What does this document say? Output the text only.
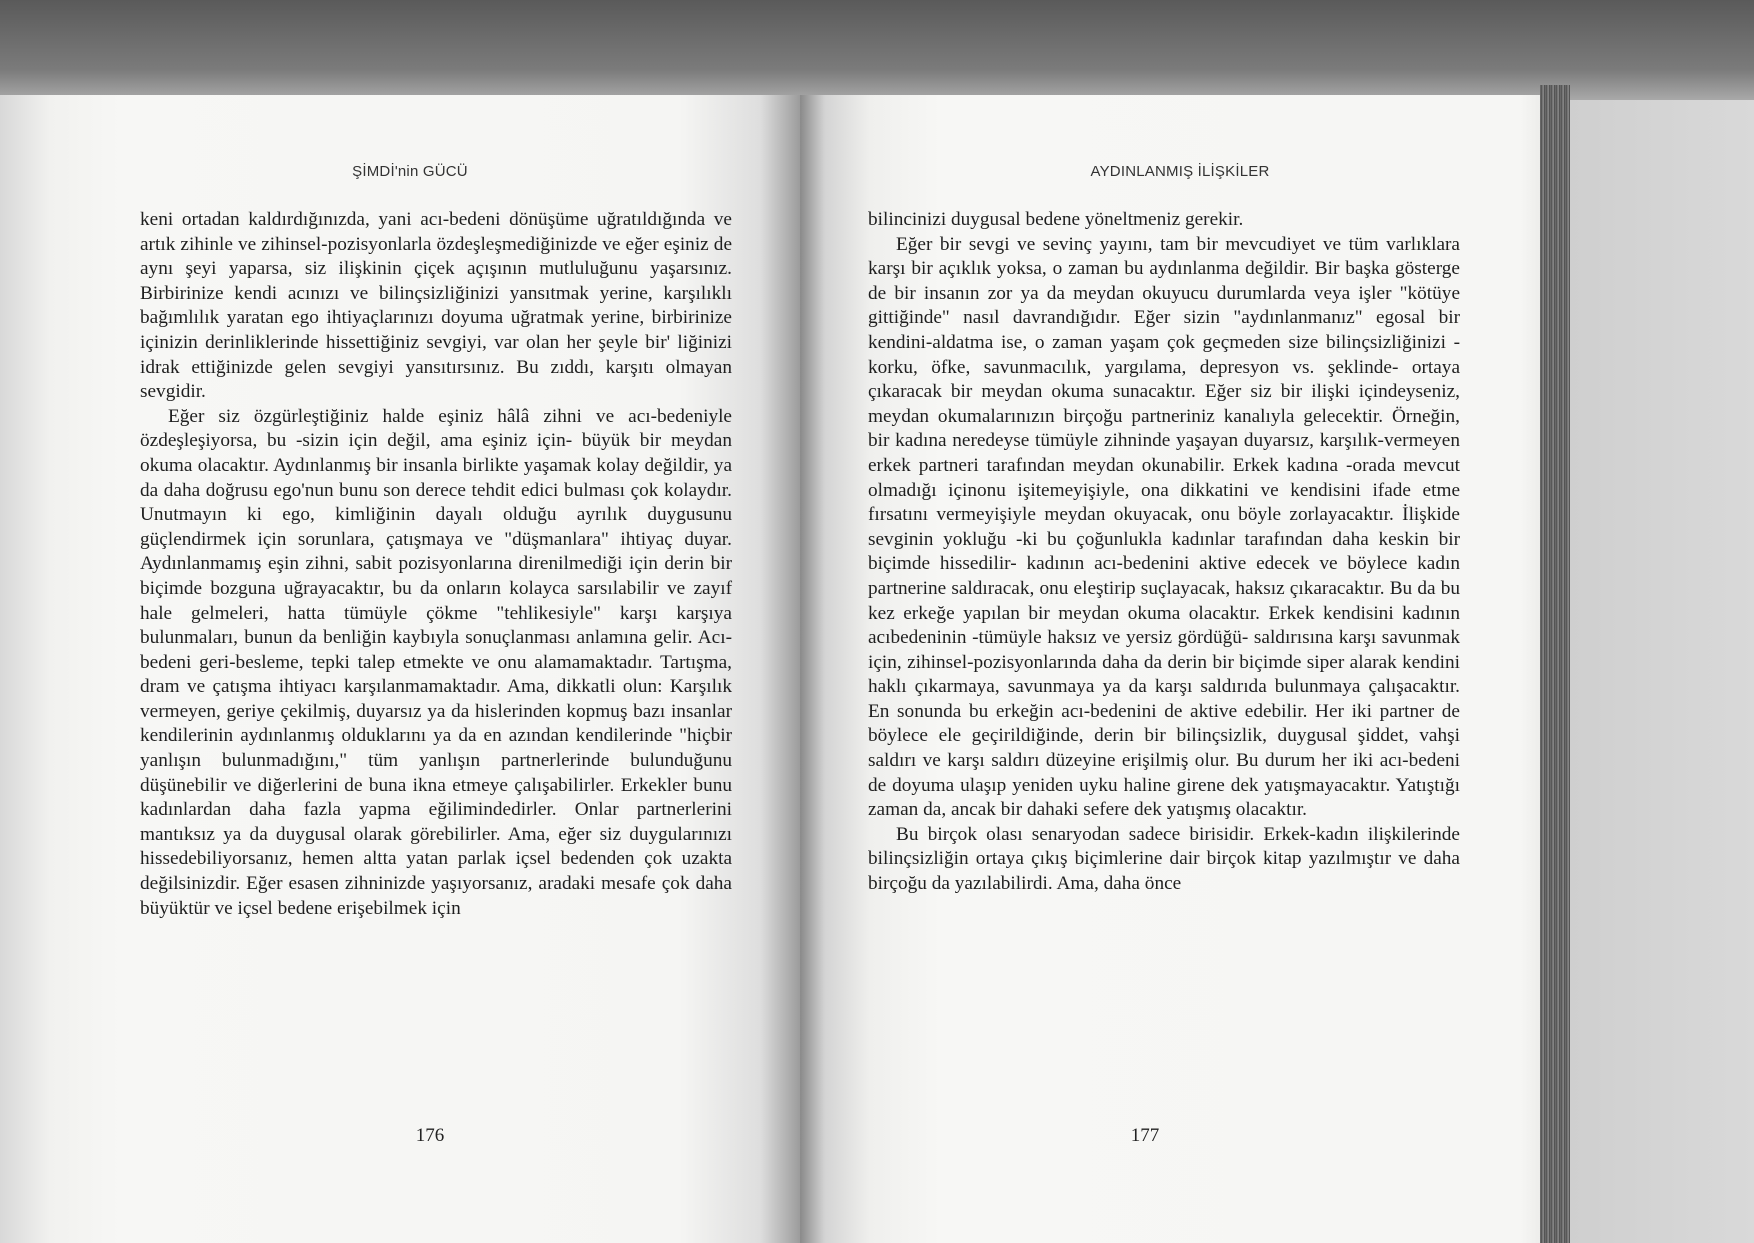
ŞİMDİ'nin GÜCÜ

keni ortadan kaldırdığınızda, yani acı-bedeni dönüşüme uğratıldığında ve artık zihinle ve zihinsel-pozisyonlarla özdeşleşmediğinizde ve eğer eşiniz de aynı şeyi yaparsa, siz ilişkinin çiçek açışının mutluluğunu yaşarsınız. Birbirinize kendi acınızı ve bilinçsizliğinizi yansıtmak yerine, karşılıklı bağımlılık yaratan ego ihtiyaçlarınızı doyuma uğratmak yerine, birbirinize içinizin derinliklerinde hissettiğiniz sevgiyi, var olan her şeyle bir' liğinizi idrak ettiğinizde gelen sevgiyi yansıtırsınız. Bu zıddı, karşıtı olmayan sevgidir.

Eğer siz özgürleştiğiniz halde eşiniz hâlâ zihni ve acı-bedeniyle özdeşleşiyorsa, bu -sizin için değil, ama eşiniz için- büyük bir meydan okuma olacaktır. Aydınlanmış bir insanla birlikte yaşamak kolay değildir, ya da daha doğrusu ego'nun bunu son derece tehdit edici bulması çok kolaydır. Unutmayın ki ego, kimliğinin dayalı olduğu ayrılık duygusunu güçlendirmek için sorunlara, çatışmaya ve "düşmanlara" ihtiyaç duyar. Aydınlanmamış eşin zihni, sabit pozisyonlarına direnilmediği için derin bir biçimde bozguna uğrayacaktır, bu da onların kolayca sarsılabilir ve zayıf hale gelmeleri, hatta tümüyle çökme "tehlikesiyle" karşı karşıya bulunmaları, bunun da benliğin kaybıyla sonuçlanması anlamına gelir. Acı-bedeni geri-besleme, tepki talep etmekte ve onu alamamaktadır. Tartışma, dram ve çatışma ihtiyacı karşılanmamaktadır. Ama, dikkatli olun: Karşılık vermeyen, geriye çekilmiş, duyarsız ya da hislerinden kopmuş bazı insanlar kendilerinin aydınlanmış olduklarını ya da en azından kendilerinde "hiçbir yanlışın bulunmadığını," tüm yanlışın partnerlerinde bulunduğunu düşünebilir ve diğerlerini de buna ikna etmeye çalışabilirler. Erkekler bunu kadınlardan daha fazla yapma eğilimindedirler. Onlar partnerlerini mantıksız ya da duygusal olarak görebilirler. Ama, eğer siz duygularınızı hissedebiliyorsanız, hemen altta yatan parlak içsel bedenden çok uzakta değilsinizdir. Eğer esasen zihninizde yaşıyorsanız, aradaki mesafe çok daha büyüktür ve içsel bedene erişebilmek için

176
AYDINLANMIŞ İLİŞKİLER

bilincinizi duygusal bedene yöneltmeniz gerekir.

Eğer bir sevgi ve sevinç yayını, tam bir mevcudiyet ve tüm varlıklara karşı bir açıklık yoksa, o zaman bu aydınlanma değildir. Bir başka gösterge de bir insanın zor ya da meydan okuyucu durumlarda veya işler "kötüye gittiğinde" nasıl davrandığıdır. Eğer sizin "aydınlanmanız" egosal bir kendini-aldatma ise, o zaman yaşam çok geçmeden size bilinçsizliğinizi -korku, öfke, savunmacılık, yargılama, depresyon vs. şeklinde- ortaya çıkaracak bir meydan okuma sunacaktır. Eğer siz bir ilişki içindeyseniz, meydan okumalarınızın birçoğu partneriniz kanalıyla gelecektir. Örneğin, bir kadına neredeyse tümüyle zihninde yaşayan duyarsız, karşılık-vermeyen erkek partneri tarafından meydan okunabilir. Erkek kadına -orada mevcut olmadığı içinonu işitemeyişiyle, ona dikkatini ve kendisini ifade etme fırsatını vermeyişiyle meydan okuyacak, onu böyle zorlayacaktır. İlişkide sevginin yokluğu -ki bu çoğunlukla kadınlar tarafından daha keskin bir biçimde hissedilir- kadının acı-bedenini aktive edecek ve böylece kadın partnerine saldıracak, onu eleştirip suçlayacak, haksız çıkaracaktır. Bu da bu kez erkeğe yapılan bir meydan okuma olacaktır. Erkek kendisini kadının acıbedeninin -tümüyle haksız ve yersiz gördüğü- saldırısına karşı savunmak için, zihinsel-pozisyonlarında daha da derin bir biçimde siper alarak kendini haklı çıkarmaya, savunmaya ya da karşı saldırıda bulunmaya çalışacaktır. En sonunda bu erkeğin acı-bedenini de aktive edebilir. Her iki partner de böylece ele geçirildiğinde, derin bir bilinçsizlik, duygusal şiddet, vahşi saldırı ve karşı saldırı düzeyine erişilmiş olur. Bu durum her iki acı-bedeni de doyuma ulaşıp yeniden uyku haline girene dek yatışmayacaktır. Yatıştığı zaman da, ancak bir dahaki sefere dek yatışmış olacaktır.

Bu birçok olası senaryodan sadece birisidir. Erkek-kadın ilişkilerinde bilinçsizliğin ortaya çıkış biçimlerine dair birçok kitap yazılmıştır ve daha birçoğu da yazılabilirdi. Ama, daha önce

177
